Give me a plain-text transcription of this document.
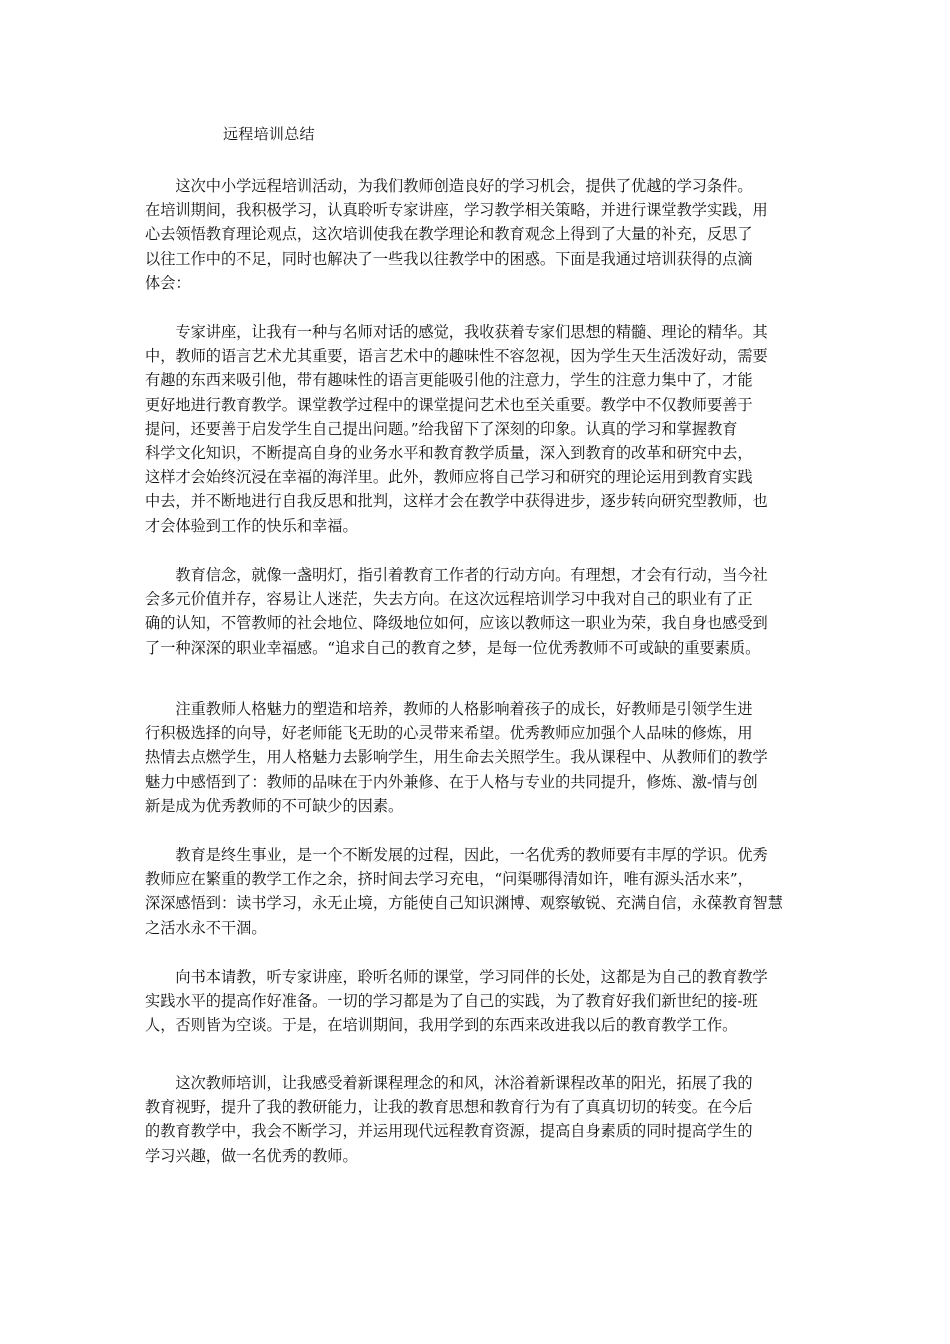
远程培训总结
　　这次中小学远程培训活动，为我们教师创造良好的学习机会，提供了优越的学习条件。
在培训期间，我积极学习，认真聆听专家讲座，学习教学相关策略，并进行课堂教学实践，用
心去领悟教育理论观点，这次培训使我在教学理论和教育观念上得到了大量的补充，反思了
以往工作中的不足，同时也解决了一些我以往教学中的困惑。下面是我通过培训获得的点滴
体会：
　　专家讲座，让我有一种与名师对话的感觉，我收获着专家们思想的精髓、理论的精华。其
中，教师的语言艺术尤其重要，语言艺术中的趣味性不容忽视，因为学生天生活泼好动，需要
有趣的东西来吸引他，带有趣味性的语言更能吸引他的注意力，学生的注意力集中了，才能
更好地进行教育教学。课堂教学过程中的课堂提问艺术也至关重要。教学中不仅教师要善于
提问，还要善于启发学生自己提出问题。”给我留下了深刻的印象。认真的学习和掌握教育
科学文化知识，不断提高自身的业务水平和教育教学质量，深入到教育的改革和研究中去，
这样才会始终沉浸在幸福的海洋里。此外，教师应将自己学习和研究的理论运用到教育实践
中去，并不断地进行自我反思和批判，这样才会在教学中获得进步，逐步转向研究型教师，也
才会体验到工作的快乐和幸福。
　　教育信念，就像一盏明灯，指引着教育工作者的行动方向。有理想，才会有行动，当今社
会多元价值并存，容易让人迷茫，失去方向。在这次远程培训学习中我对自己的职业有了正
确的认知，不管教师的社会地位、降级地位如何，应该以教师这一职业为荣，我自身也感受到
了一种深深的职业幸福感。“追求自己的教育之梦，是每一位优秀教师不可或缺的重要素质。
　　注重教师人格魅力的塑造和培养，教师的人格影响着孩子的成长，好教师是引领学生进
行积极选择的向导，好老师能飞无助的心灵带来希望。优秀教师应加强个人品味的修炼，用
热情去点燃学生，用人格魅力去影响学生，用生命去关照学生。我从课程中、从教师们的教学
魅力中感悟到了：教师的品味在于内外兼修、在于人格与专业的共同提升，修炼、激-情与创
新是成为优秀教师的不可缺少的因素。
　　教育是终生事业，是一个不断发展的过程，因此，一名优秀的教师要有丰厚的学识。优秀
教师应在繁重的教学工作之余，挤时间去学习充电，“问渠哪得清如许，唯有源头活水来”，
深深感悟到：读书学习，永无止境，方能使自己知识渊博、观察敏锐、充满自信，永葆教育智慧
之活水永不干涸。
　　向书本请教，听专家讲座，聆听名师的课堂，学习同伴的长处，这都是为自己的教育教学
实践水平的提高作好准备。一切的学习都是为了自己的实践，为了教育好我们新世纪的接-班
人，否则皆为空谈。于是，在培训期间，我用学到的东西来改进我以后的教育教学工作。
　　这次教师培训，让我感受着新课程理念的和风，沐浴着新课程改革的阳光，拓展了我的
教育视野，提升了我的教研能力，让我的教育思想和教育行为有了真真切切的转变。在今后
的教育教学中，我会不断学习，并运用现代远程教育资源，提高自身素质的同时提高学生的
学习兴趣，做一名优秀的教师。
